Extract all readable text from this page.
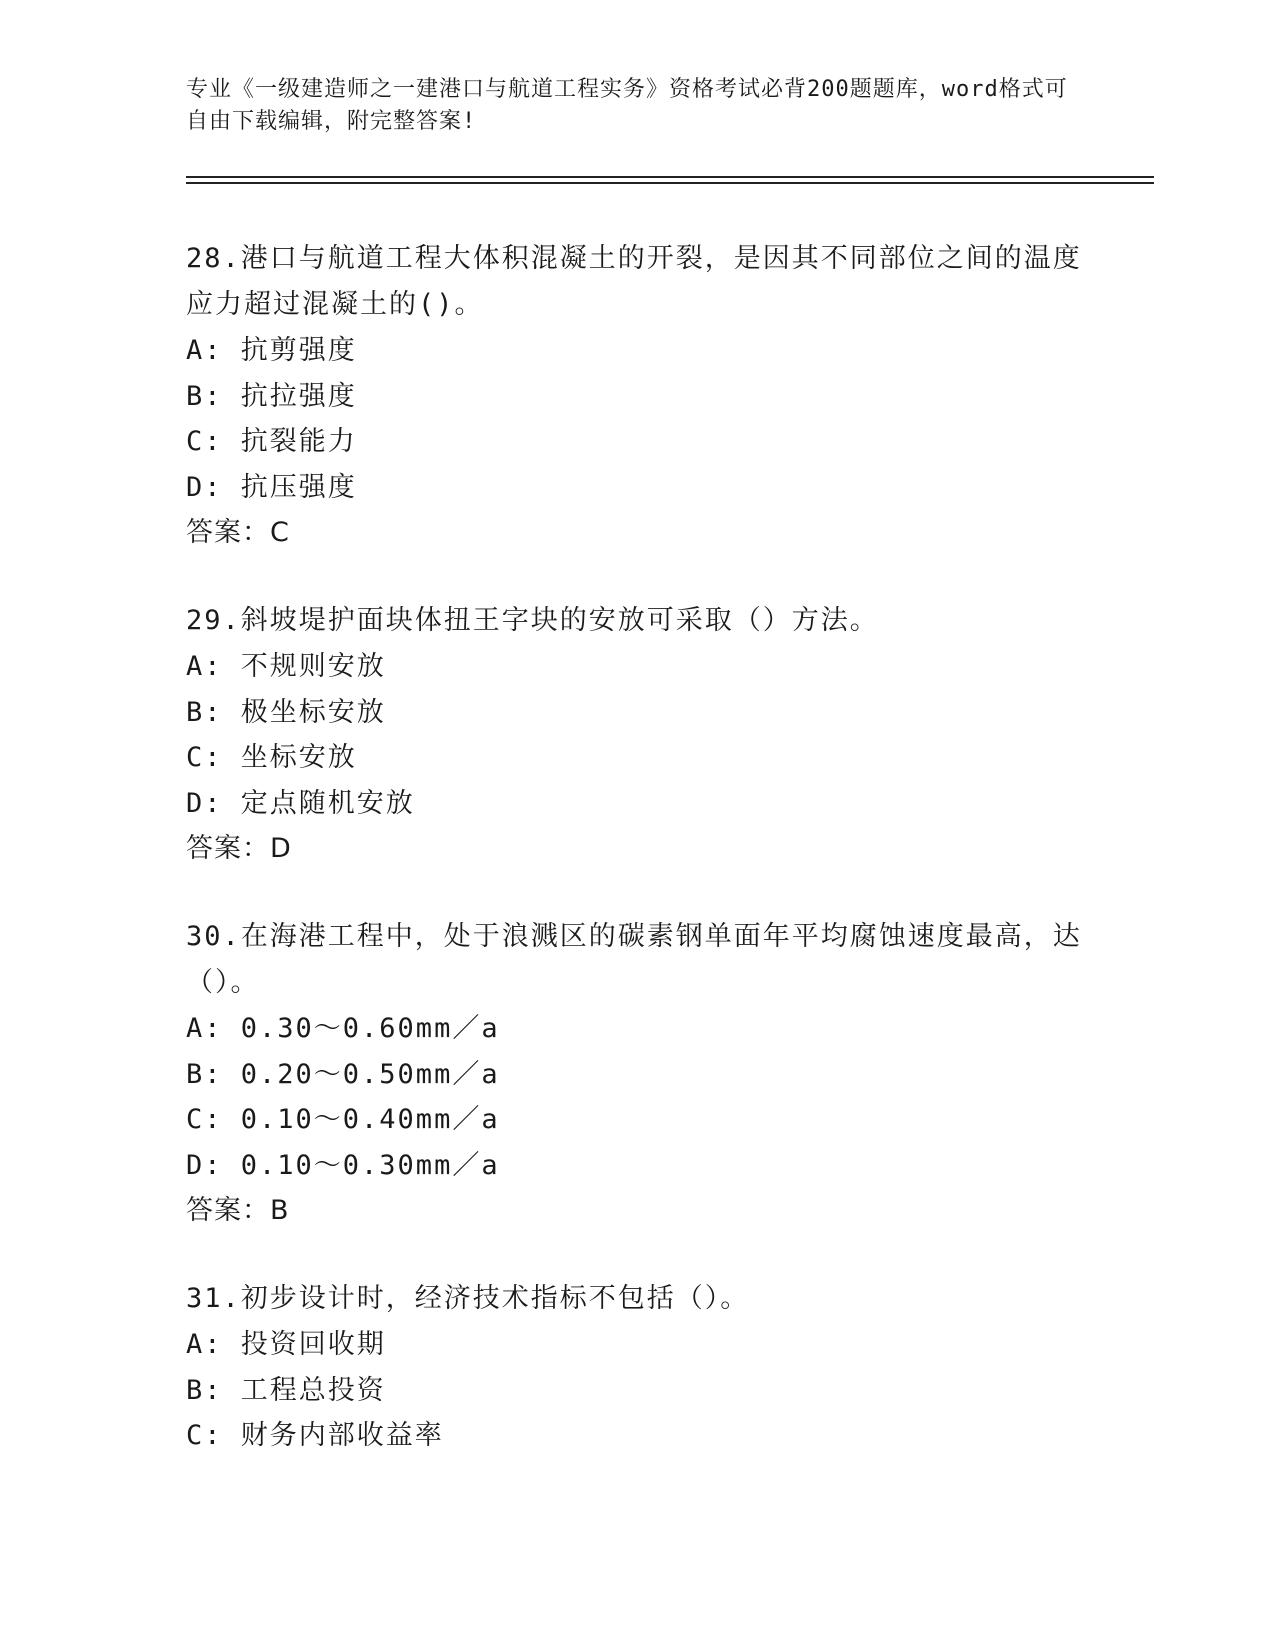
专业《一级建造师之一建港口与航道工程实务》资格考试必背200题题库，word格式可自由下载编辑，附完整答案!

28.港口与航道工程大体积混凝土的开裂，是因其不同部位之间的温度应力超过混凝土的()。

A: 抗剪强度

B: 抗拉强度

C: 抗裂能力

D: 抗压强度

答案：C

29.斜坡堤护面块体扭王字块的安放可采取（）方法。

A: 不规则安放

B: 极坐标安放

C: 坐标安放

D: 定点随机安放

答案：D

30.在海港工程中，处于浪溅区的碳素钢单面年平均腐蚀速度最高，达（）。

A: 0.30～0.60mm／a

B: 0.20～0.50mm／a

C: 0.10～0.40mm／a

D: 0.10～0.30mm／a

答案：B

31.初步设计时，经济技术指标不包括（）。

A: 投资回收期

B: 工程总投资

C: 财务内部收益率
